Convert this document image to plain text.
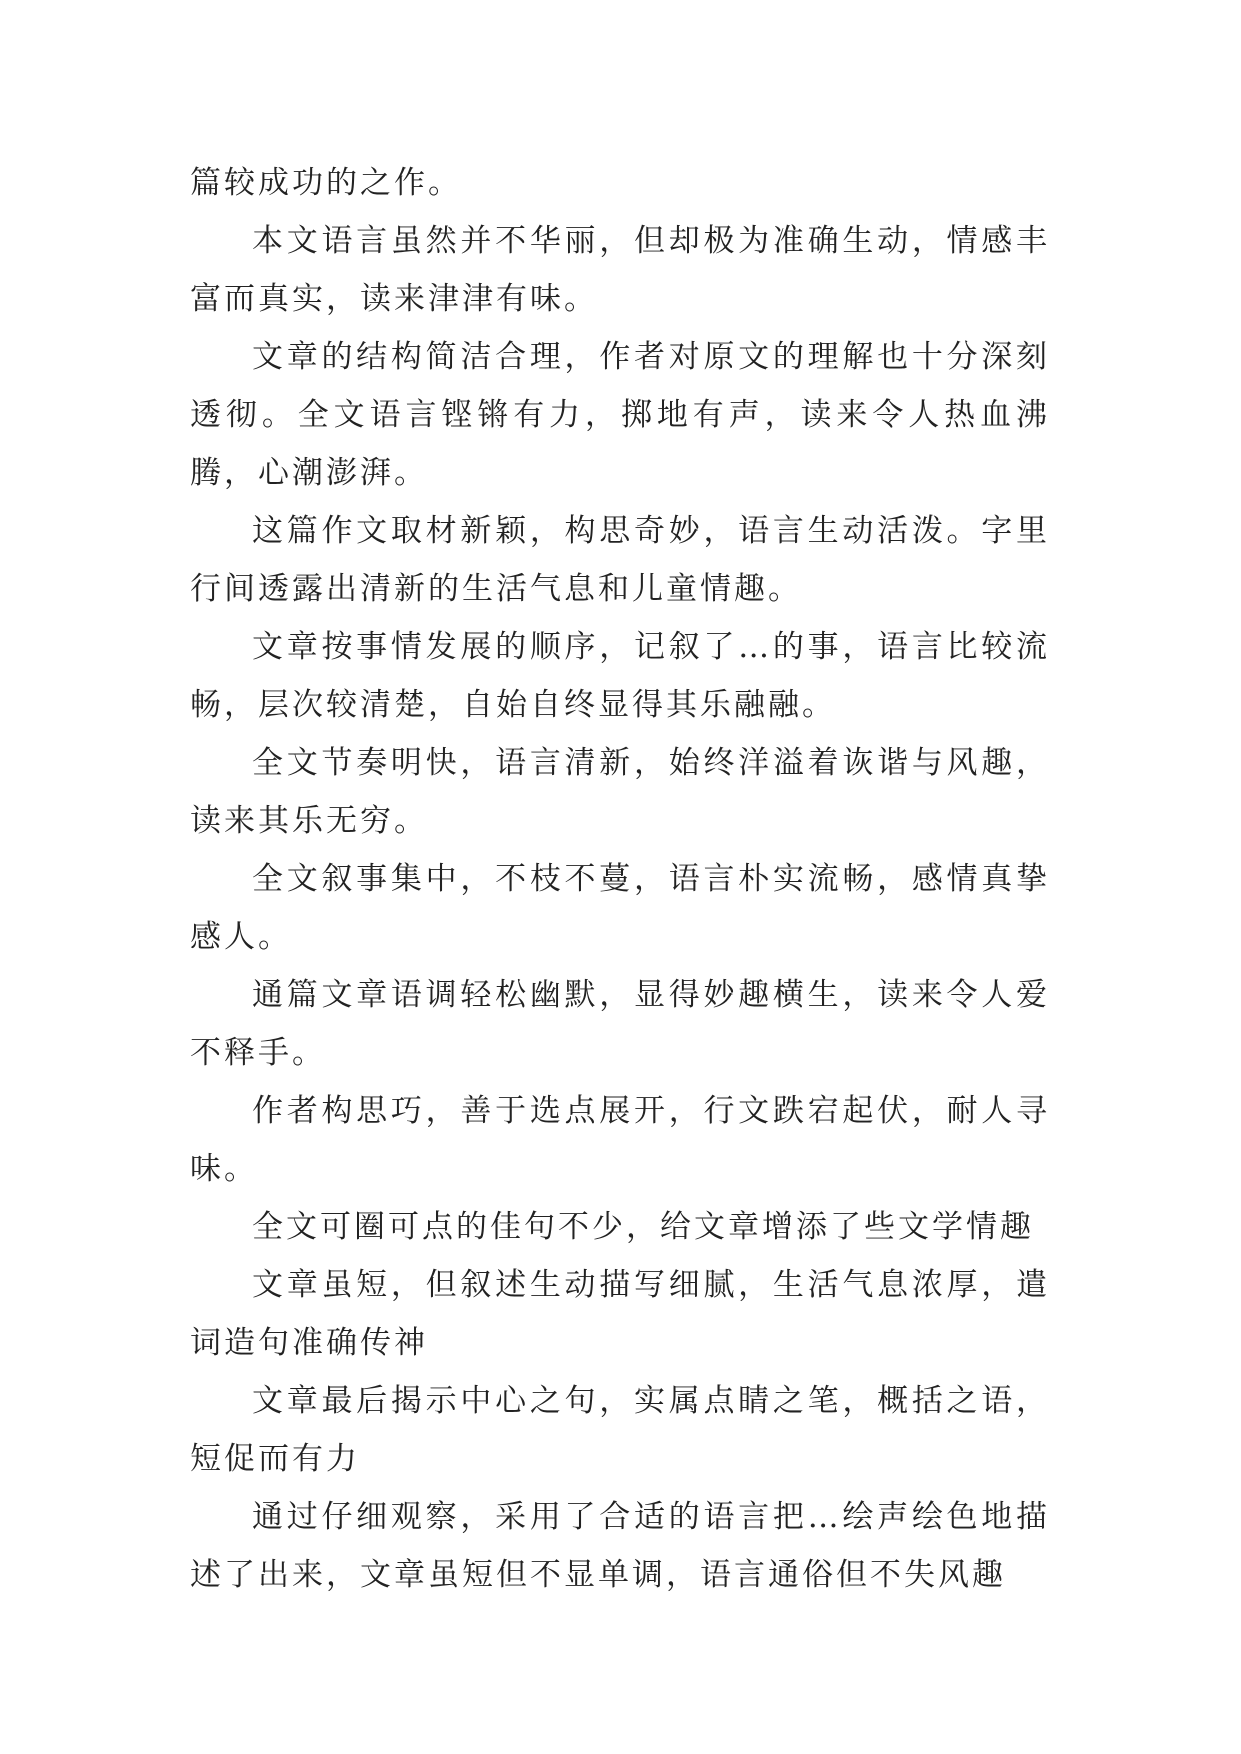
篇较成功的之作。

本文语言虽然并不华丽，但却极为准确生动，情感丰富而真实，读来津津有味。

文章的结构简洁合理，作者对原文的理解也十分深刻透彻。全文语言铿锵有力，掷地有声，读来令人热血沸腾，心潮澎湃。

这篇作文取材新颖，构思奇妙，语言生动活泼。字里行间透露出清新的生活气息和儿童情趣。

文章按事情发展的顺序，记叙了…的事，语言比较流畅，层次较清楚，自始自终显得其乐融融。

全文节奏明快，语言清新，始终洋溢着诙谐与风趣，读来其乐无穷。

全文叙事集中，不枝不蔓，语言朴实流畅，感情真挚感人。

通篇文章语调轻松幽默，显得妙趣横生，读来令人爱不释手。

作者构思巧，善于选点展开，行文跌宕起伏，耐人寻味。

全文可圈可点的佳句不少，给文章增添了些文学情趣

文章虽短，但叙述生动描写细腻，生活气息浓厚，遣词造句准确传神

文章最后揭示中心之句，实属点睛之笔，概括之语，短促而有力

通过仔细观察，采用了合适的语言把…绘声绘色地描述了出来，文章虽短但不显单调，语言通俗但不失风趣
